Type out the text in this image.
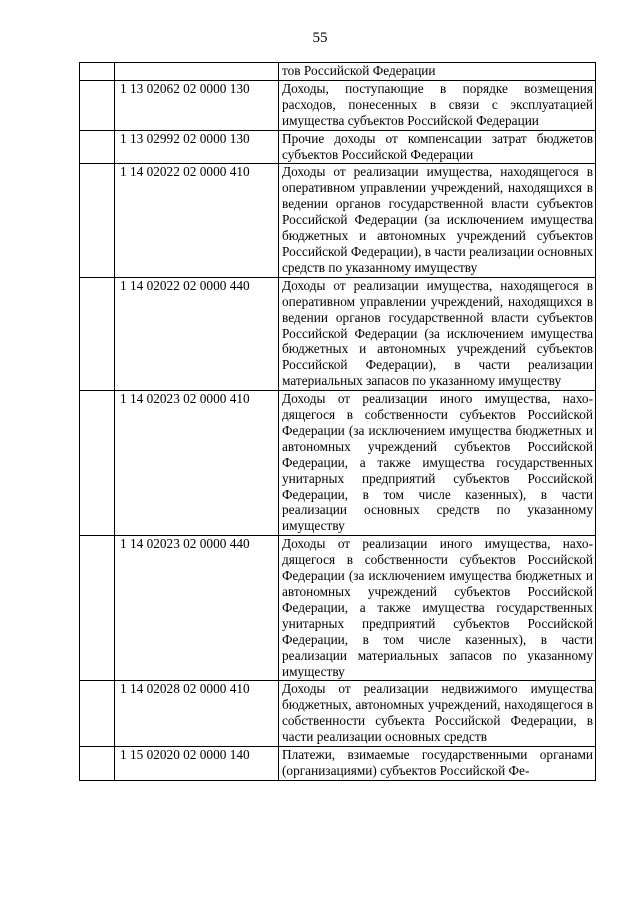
55
		тов Российской Федерации
	1 13 02062 02 0000 130	Доходы, поступающие в порядке возмещения расходов, понесенных в связи с эксплуатацией имущества субъектов Российской Федерации
	1 13 02992 02 0000 130	Прочие доходы от компенсации затрат бюджетов субъектов Российской Федерации
	1 14 02022 02 0000 410	Доходы от реализации имущества, находящегося в оперативном управлении учреждений, находящихся в ведении органов государственной власти субъектов Российской Федерации (за исключением имущества бюджетных и автономных учреждений субъектов Российской Федерации), в части реализации основных средств по указанному имуществу
	1 14 02022 02 0000 440	Доходы от реализации имущества, находящегося в оперативном управлении учреждений, находящихся в ведении органов государственной власти субъектов Российской Федерации (за исключением имущества бюджетных и автономных учреждений субъектов Российской Федерации), в части реализации материальных запасов по указанному имуществу
	1 14 02023 02 0000 410	Доходы от реализации иного имущества, находящегося в собственности субъектов Российской Федерации (за исключением имущества бюджетных и автономных учреждений субъектов Российской Федерации, а также имущества государственных унитарных предприятий субъектов Российской Федерации, в том числе казенных), в части реализации основных средств по указанному имуществу
	1 14 02023 02 0000 440	Доходы от реализации иного имущества, находящегося в собственности субъектов Российской Федерации (за исключением имущества бюджетных и автономных учреждений субъектов Российской Федерации, а также имущества государственных унитарных предприятий субъектов Российской Федерации, в том числе казенных), в части реализации материальных запасов по указанному имуществу
	1 14 02028 02 0000 410	Доходы от реализации недвижимого имущества бюджетных, автономных учреждений, находящегося в собственности субъекта Российской Федерации, в части реализации основных средств
	1 15 02020 02 0000 140	Платежи, взимаемые государственными органами (организациями) субъектов Российской Фе-
